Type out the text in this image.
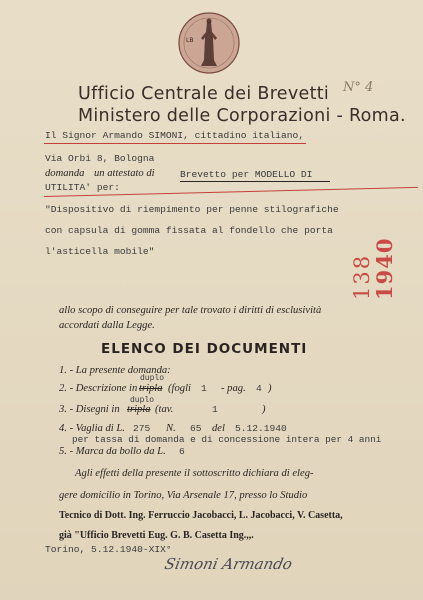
LB
Ufficio Centrale dei Brevetti
Ministero delle Corporazioni - Roma.
N° 4
Il Signor Armando SIMONI, cittadino italiano,
Via Orbi 8, Bologna
domanda un attestato di	Brevetto per MODELLO DI
UTILITA' per:
"Dispositivo di riempimento per penne stilografiche
con capsula di gomma fissata al fondello che porta
l'asticella mobile"
138
1940
allo scopo di conseguire per tale trovato i diritti di esclusività
accordati dalla Legge.
ELENCO DEI DOCUMENTI
1. - La presente domanda:
2. - Descrizione in tripla
duplo
(fogli 1 - pag. 4 )
3. - Disegni in tripla
duplo
(tav.	1	)
4. - Vaglia di L. 275 N. 65 del 5.12.1940
per tassa di domanda e di concessione intera per 4 anni
5. - Marca da bollo da L. 6
Agli effetti della presente il sottoscritto dichiara di eleg-
gere domicilio in Torino, Via Arsenale 17, presso lo Studio
Tecnico di Dott. Ing. Ferruccio Jacobacci, L. Jacobacci, V. Casetta,
già "Ufficio Brevetti Eug. G. B. Casetta Ing.,,.
Torino, 5.12.1940-XIX°
Simoni Armando
